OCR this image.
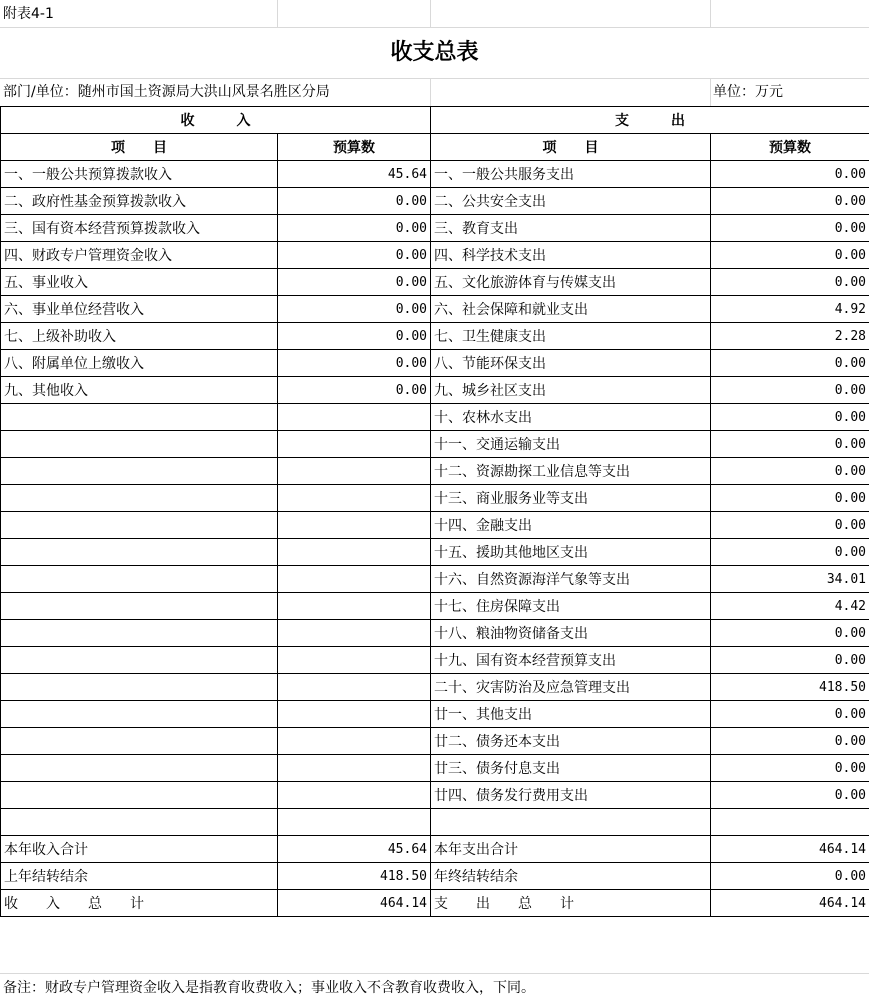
附表4-1
收支总表
部门/单位：随州市国土资源局大洪山风景名胜区分局	单位：万元
收　　　入		支　　　出	
项　　目	预算数	项　　目	预算数
一、一般公共预算拨款收入	45.64	一、一般公共服务支出	0.00
二、政府性基金预算拨款收入	0.00	二、公共安全支出	0.00
三、国有资本经营预算拨款收入	0.00	三、教育支出	0.00
四、财政专户管理资金收入	0.00	四、科学技术支出	0.00
五、事业收入	0.00	五、文化旅游体育与传媒支出	0.00
六、事业单位经营收入	0.00	六、社会保障和就业支出	4.92
七、上级补助收入	0.00	七、卫生健康支出	2.28
八、附属单位上缴收入	0.00	八、节能环保支出	0.00
九、其他收入	0.00	九、城乡社区支出	0.00
		十、农林水支出	0.00
		十一、交通运输支出	0.00
		十二、资源勘探工业信息等支出	0.00
		十三、商业服务业等支出	0.00
		十四、金融支出	0.00
		十五、援助其他地区支出	0.00
		十六、自然资源海洋气象等支出	34.01
		十七、住房保障支出	4.42
		十八、粮油物资储备支出	0.00
		十九、国有资本经营预算支出	0.00
		二十、灾害防治及应急管理支出	418.50
		廿一、其他支出	0.00
		廿二、债务还本支出	0.00
		廿三、债务付息支出	0.00
		廿四、债务发行费用支出	0.00

本年收入合计	45.64	本年支出合计	464.14
上年结转结余	418.50	年终结转结余	0.00
收　　入　　总　　计	464.14	支　　出　　总　　计	464.14
备注：财政专户管理资金收入是指教育收费收入；事业收入不含教育收费收入，下同。
